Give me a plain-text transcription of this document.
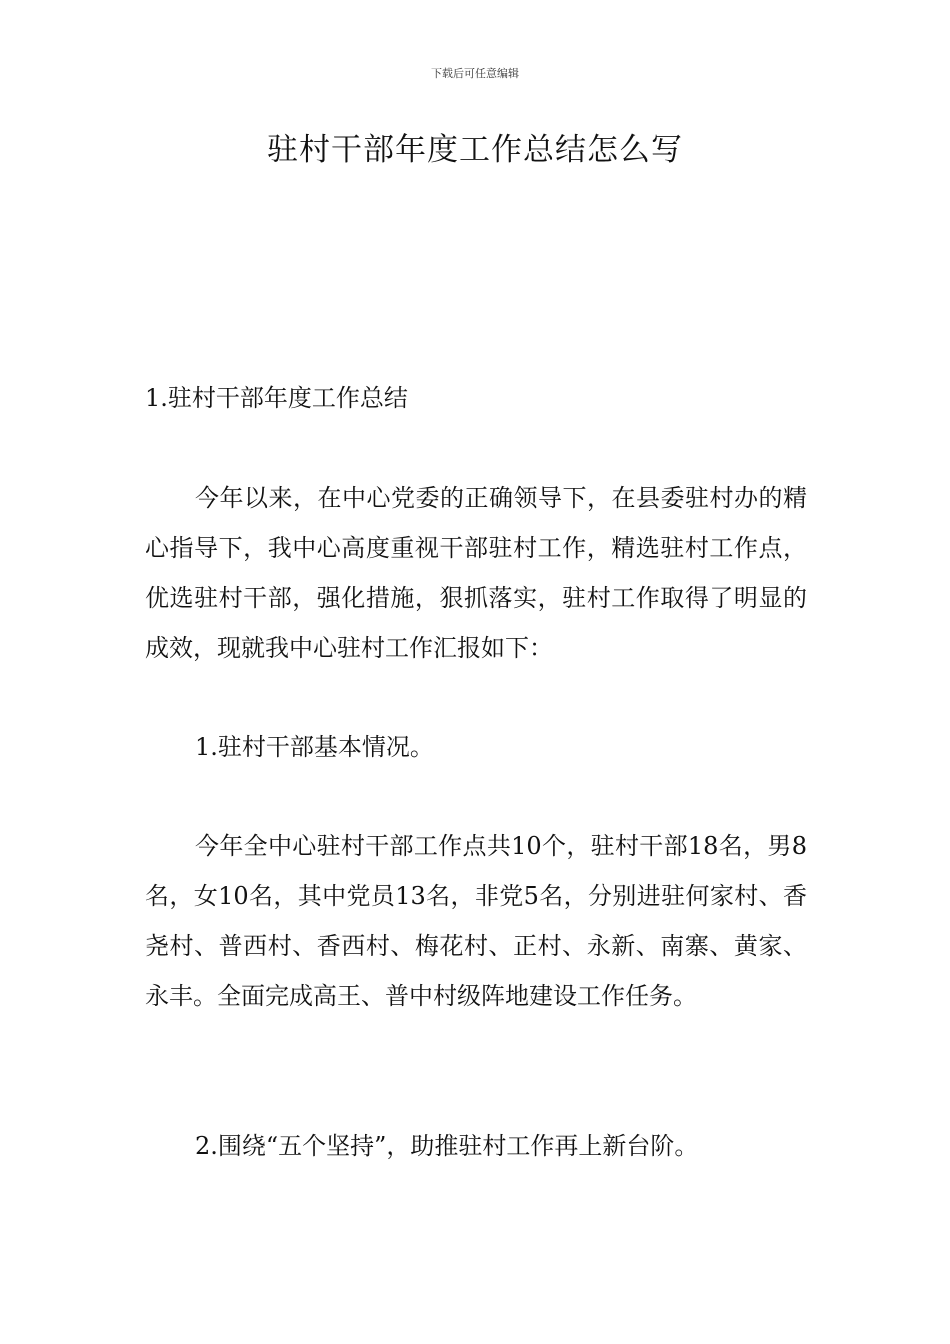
下载后可任意编辑
驻村干部年度工作总结怎么写

1.驻村干部年度工作总结

今年以来，在中心党委的正确领导下，在县委驻村办的精心指导下，我中心高度重视干部驻村工作，精选驻村工作点，优选驻村干部，强化措施，狠抓落实，驻村工作取得了明显的成效，现就我中心驻村工作汇报如下：

1.驻村干部基本情况。

今年全中心驻村干部工作点共10个，驻村干部18名，男8名，女10名，其中党员13名，非党5名，分别进驻何家村、香尧村、普西村、香西村、梅花村、正村、永新、南寨、黄家、永丰。全面完成高王、普中村级阵地建设工作任务。

2.围绕“五个坚持”，助推驻村工作再上新台阶。
